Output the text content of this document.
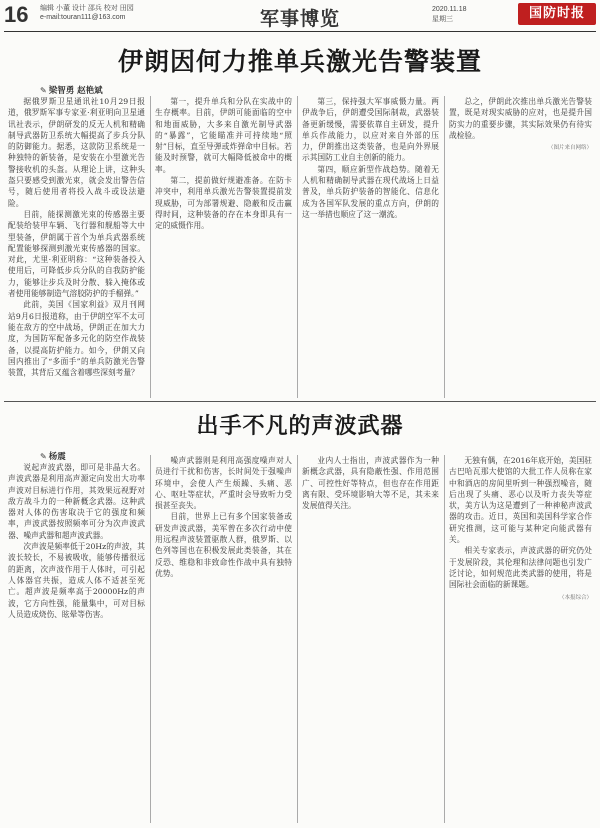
16 编辑 小董 设计 邵兵 校对 田园
e-mail:touran111@163.com	军事博览	2020.11.18
星期三	国防时报
伊朗因何力推单兵激光告警装置
✎ 梁智勇 赵艳斌

据俄罗斯卫星通讯社10月29日报道，俄罗斯军事专家亚·利亚明向卫星通讯社表示，伊朗研发的反无人机和精确制导武器防卫系统大幅提高了步兵分队的防御能力。据悉，这款防卫系统是一种独特的新装备，是安装在小型激光告警接收机的头盔。从理论上讲，这种头盔只要感受到激光束，就会发出警告信号，随后使用者将投入战斗或设法避险。

目前，能探测激光束的传感器主要配装给装甲车辆、飞行器和舰船等大中型装备，伊朗属于首个为单兵武器系统配置能够探测到激光束传感器的国家。对此，尤里·利亚明称：“这种装备投入使用后，可降低步兵分队的自我防护能力，能够让步兵及时分散、躲入掩体或者使用能够制造气溶胶防护的手榴弹。”

此前，美国《国家利益》双月刊网站9月6日报道称，由于伊朗空军不太可能在敌方的空中战场，伊朗正在加大力度，为国防军配备多元化的防空作战装备，以提高防护能力。如今，伊朗又向国内推出了“多面手”的单兵防激光告警装置，其背后又蕴含着哪些深刻考量？

第一，提升单兵和分队在实战中的生存概率。目前，伊朗可能面临的空中和地面威胁，大多来自激光制导武器的“暴露”，它能瞄准并可持续地“照射”目标，直至导弹或炸弹命中目标。若能及时预警，就可大幅降低被命中的概率。

第二，提前做好规避准备。在防卡冲突中，利用单兵激光告警装置提前发现威胁，可为部署规避、隐蔽和反击赢得时间，这种装备的存在本身即具有一定的威慑作用。

第三，保持强大军事威慑力量。两伊战争后，伊朗遭受国际制裁，武器装备更新缓慢，需要依靠自主研发，提升单兵作战能力，以应对来自外部的压力，伊朗推出这类装备，也是向外界展示其国防工业自主创新的能力。

第四，顺应新型作战趋势。随着无人机和精确制导武器在现代战场上日益普及，单兵防护装备的智能化、信息化成为各国军队发展的重点方向，伊朗的这一举措也顺应了这一潮流。

总之，伊朗此次推出单兵激光告警装置，既是对现实威胁的应对，也是提升国防实力的重要步骤，其实际效果仍有待实战检验。

（图片来自网络）

出手不凡的声波武器
✎ 杨震

说起声波武器，即可是非晶大名。声波武器是利用高声源定向发出大功率声波对目标进行作用，其效果远视野对敌方战斗力的一种新概念武器。这种武器对人体的伤害取决于它的强度和频率，声波武器按照频率可分为次声波武器、噪声武器和超声波武器。

次声波是频率低于20Hz的声波，其波长较长，不易被吸收，能够传播很远的距离，次声波作用于人体时，可引起人体器官共振，造成人体不适甚至死亡。超声波是频率高于20000Hz的声波，它方向性强，能量集中，可对目标人员造成烧伤、眩晕等伤害。

噪声武器则是利用高强度噪声对人员进行干扰和伤害，长时间处于强噪声环境中，会使人产生烦躁、头痛、恶心、呕吐等症状，严重时会导致听力受损甚至丧失。

目前，世界上已有多个国家装备或研发声波武器，美军曾在多次行动中使用远程声波装置驱散人群，俄罗斯、以色列等国也在积极发展此类装备，其在反恐、维稳和非致命性作战中具有独特优势。

业内人士指出，声波武器作为一种新概念武器，具有隐蔽性强、作用范围广、可控性好等特点，但也存在作用距离有限、受环境影响大等不足，其未来发展值得关注。

无独有偶，在2016年底开始，美国驻古巴哈瓦那大使馆的大批工作人员称在家中和酒店的房间里听到一种强烈噪音，随后出现了头痛、恶心以及听力丧失等症状，美方认为这是遭到了一种神秘声波武器的攻击。近日，英国和美国科学家合作研究推测，这可能与某种定向能武器有关。

相关专家表示，声波武器的研究仍处于发展阶段，其伦理和法律问题也引发广泛讨论，如何规范此类武器的使用，将是国际社会面临的新课题。

（本报综合）
